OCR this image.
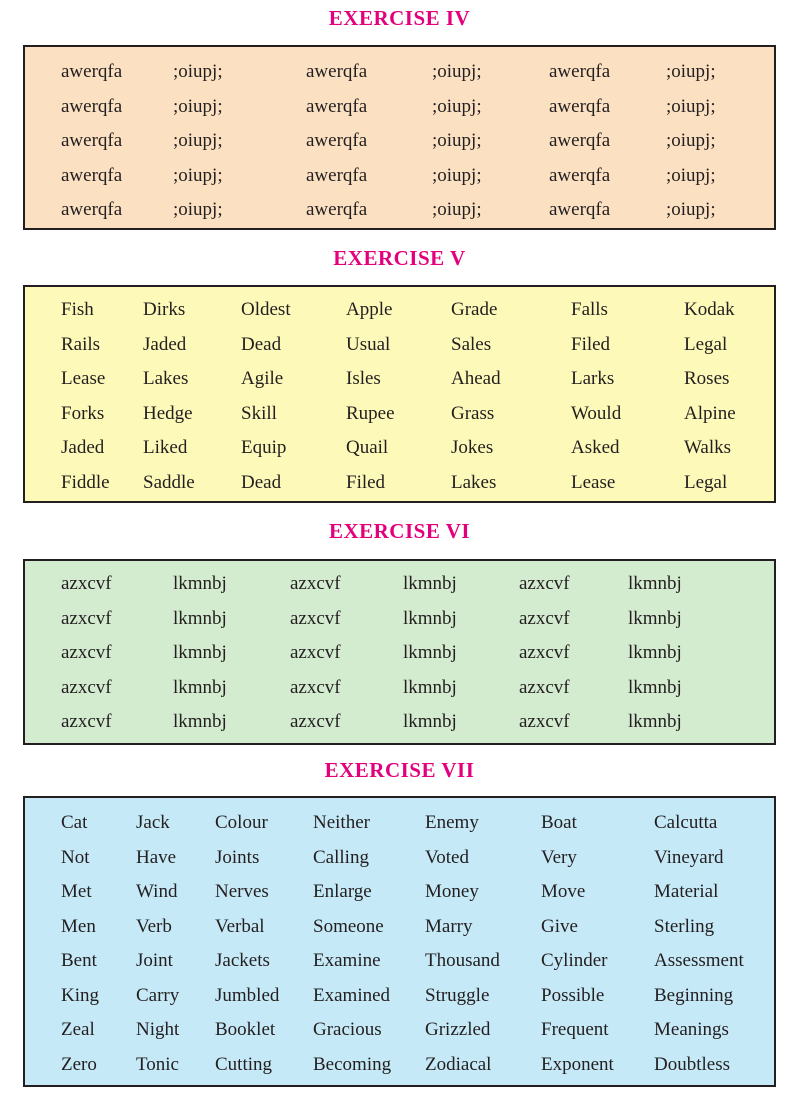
EXERCISE IV
awerqfa	;oiupj;	awerqfa	;oiupj;	awerqfa	;oiupj;
awerqfa	;oiupj;	awerqfa	;oiupj;	awerqfa	;oiupj;
awerqfa	;oiupj;	awerqfa	;oiupj;	awerqfa	;oiupj;
awerqfa	;oiupj;	awerqfa	;oiupj;	awerqfa	;oiupj;
awerqfa	;oiupj;	awerqfa	;oiupj;	awerqfa	;oiupj;
EXERCISE V
Fish	Dirks	Oldest	Apple	Grade	Falls	Kodak
Rails Jaded	Dead	Usual	Sales	Filed	Legal
Lease Lakes	Agile	Isles	Ahead	Larks	Roses
Forks Hedge	Skill	Rupee	Grass	Would	Alpine
Jaded Liked	Equip	Quail	Jokes	Asked	Walks
Fiddle Saddle Dead	Filed	Lakes	Lease	Legal
EXERCISE VI
azxcvf	lkmnbj	azxcvf	lkmnbj	azxcvf	lkmnbj
azxcvf	lkmnbj	azxcvf	lkmnbj	azxcvf	lkmnbj
azxcvf	lkmnbj	azxcvf	lkmnbj	azxcvf	lkmnbj
azxcvf	lkmnbj	azxcvf	lkmnbj	azxcvf	lkmnbj
azxcvf	lkmnbj	azxcvf	lkmnbj	azxcvf	lkmnbj
EXERCISE VII
Cat	Jack Colour Neither	Enemy	Boat	Calcutta
Not Have Joints	Calling	Voted	Very	Vineyard
Met Wind Nerves Enlarge	Money	Move	Material
Men Verb Verbal	Someone Marry	Give	Sterling
Bent Joint Jackets Examine Thousand Cylinder Assessment
King Carry Jumbled Examined Struggle	Possible	Beginning
Zeal Night Booklet Gracious Grizzled	Frequent Meanings
Zero Tonic Cutting Becoming Zodiacal	Exponent Doubtless
